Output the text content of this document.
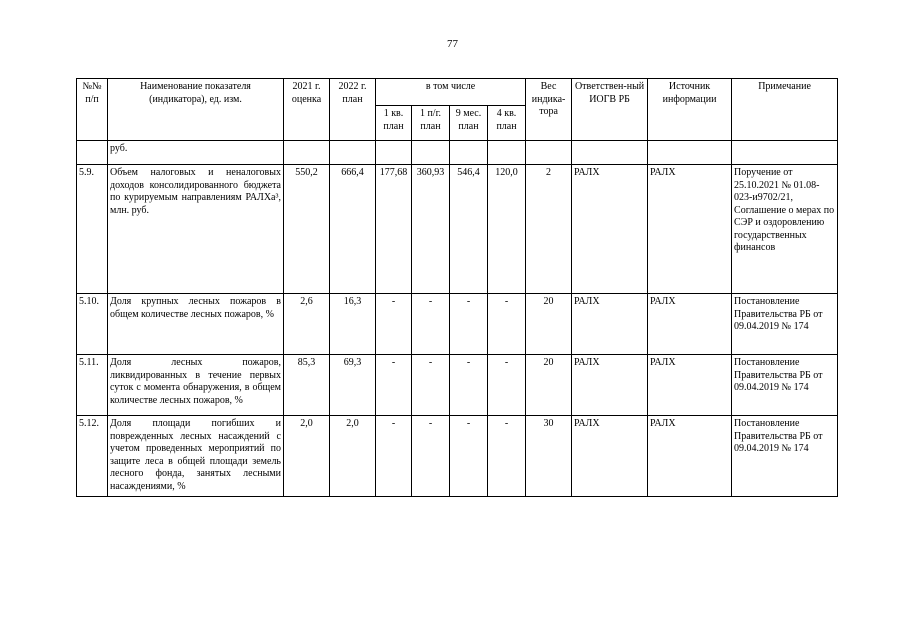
77
№№ п/п	Наименование показателя (индикатора), ед. изм.	2021 г. оценка	2022 г. план	в том числе				Вес индика-тора	Ответствен-ный ИОГВ РБ	Источник информации	Примечание
				1 кв. план	1 п/г. план	9 мес. план	4 кв. план				
	руб.										
5.9.	Объем налоговых и неналоговых доходов консолидированного бюджета по курируемым направлениям РАЛХа³, млн. руб.	550,2	666,4	177,68	360,93	546,4	120,0	2	РАЛХ	РАЛХ	Поручение от 25.10.2021 № 01.08-023-и9702/21, Соглашение о мерах по СЭР и оздоровлению государственных финансов
5.10.	Доля крупных лесных пожаров в общем количестве лесных пожаров, %	2,6	16,3	-	-	-	-	20	РАЛХ	РАЛХ	Постановление Правительства РБ от 09.04.2019 № 174
5.11.	Доля лесных пожаров, ликвидированных в течение первых суток с момента обнаружения, в общем количестве лесных пожаров, %	85,3	69,3	-	-	-	-	20	РАЛХ	РАЛХ	Постановление Правительства РБ от 09.04.2019 № 174
5.12.	Доля площади погибших и поврежденных лесных насаждений с учетом проведенных мероприятий по защите леса в общей площади земель лесного фонда, занятых лесными насаждениями, %	2,0	2,0	-	-	-	-	30	РАЛХ	РАЛХ	Постановление Правительства РБ от 09.04.2019 № 174
